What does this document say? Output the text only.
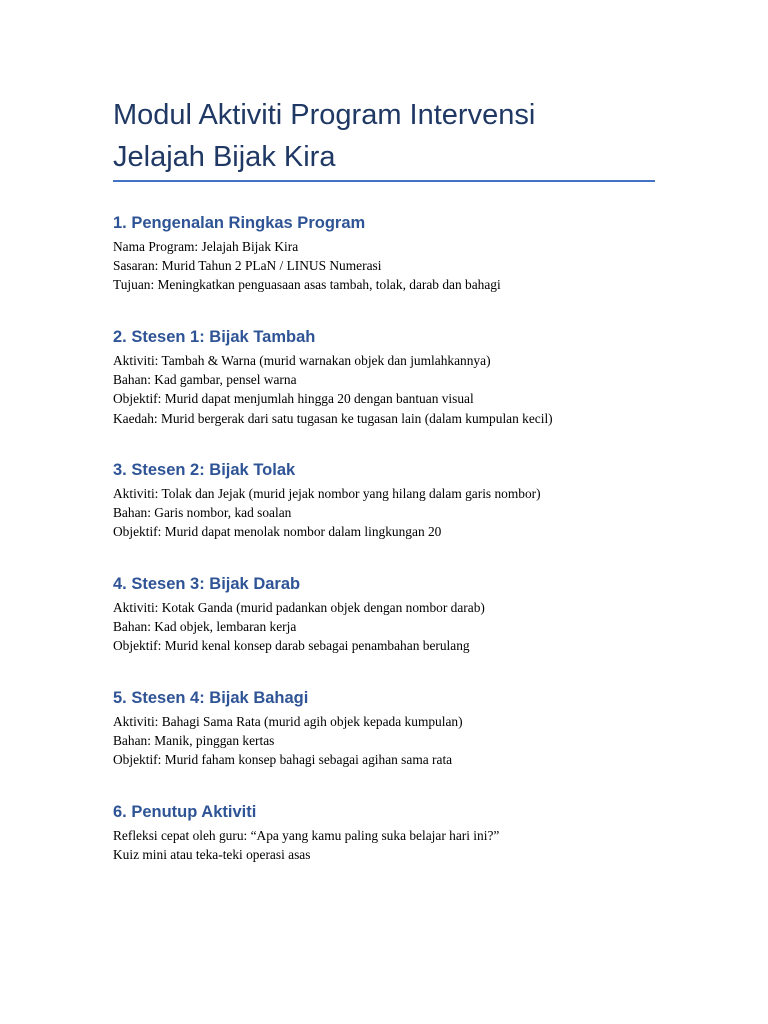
Modul Aktiviti Program Intervensi
Jelajah Bijak Kira
1. Pengenalan Ringkas Program
Nama Program: Jelajah Bijak Kira
Sasaran: Murid Tahun 2 PLaN / LINUS Numerasi
Tujuan: Meningkatkan penguasaan asas tambah, tolak, darab dan bahagi
2. Stesen 1: Bijak Tambah
Aktiviti: Tambah & Warna (murid warnakan objek dan jumlahkannya)
Bahan: Kad gambar, pensel warna
Objektif: Murid dapat menjumlah hingga 20 dengan bantuan visual
Kaedah: Murid bergerak dari satu tugasan ke tugasan lain (dalam kumpulan kecil)
3. Stesen 2: Bijak Tolak
Aktiviti: Tolak dan Jejak (murid jejak nombor yang hilang dalam garis nombor)
Bahan: Garis nombor, kad soalan
Objektif: Murid dapat menolak nombor dalam lingkungan 20
4. Stesen 3: Bijak Darab
Aktiviti: Kotak Ganda (murid padankan objek dengan nombor darab)
Bahan: Kad objek, lembaran kerja
Objektif: Murid kenal konsep darab sebagai penambahan berulang
5. Stesen 4: Bijak Bahagi
Aktiviti: Bahagi Sama Rata (murid agih objek kepada kumpulan)
Bahan: Manik, pinggan kertas
Objektif: Murid faham konsep bahagi sebagai agihan sama rata
6. Penutup Aktiviti
Refleksi cepat oleh guru: “Apa yang kamu paling suka belajar hari ini?”
Kuiz mini atau teka-teki operasi asas
